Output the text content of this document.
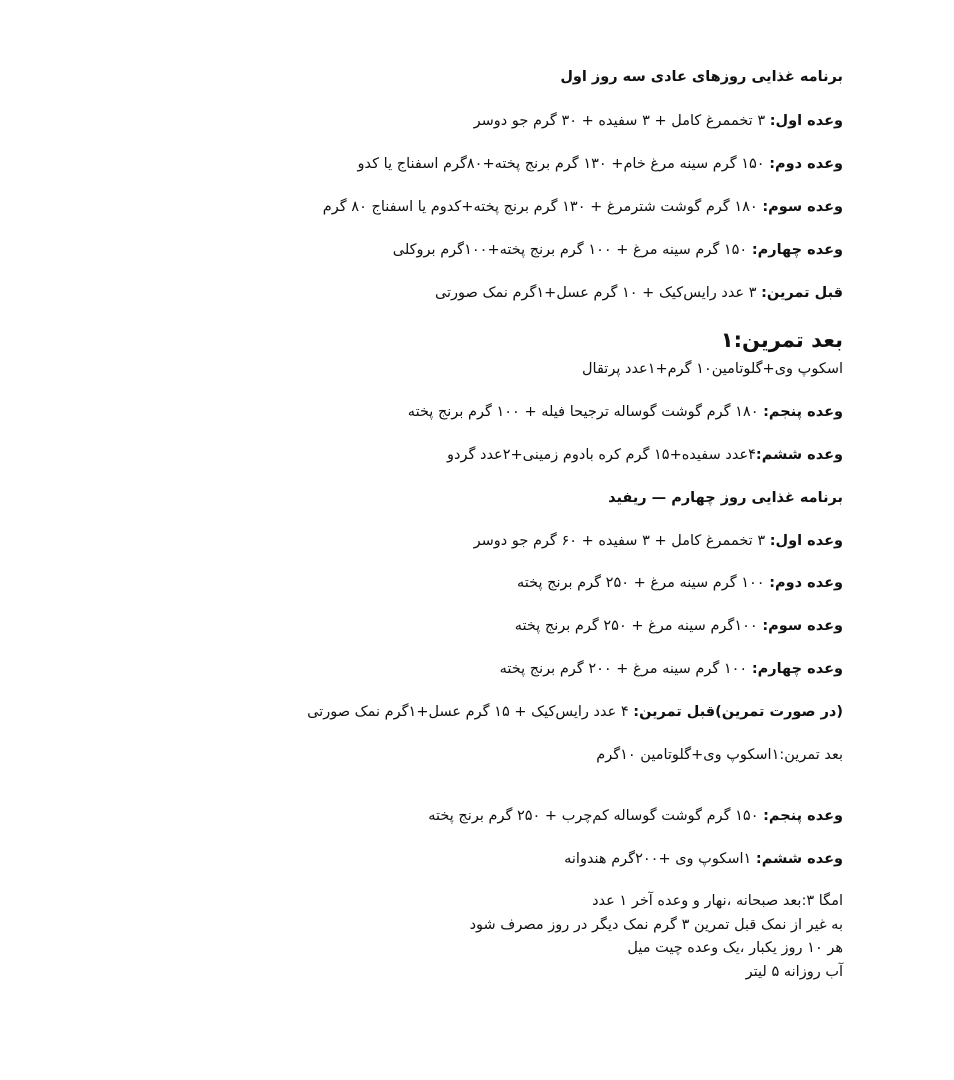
برنامه غذایی روزهای عادی سه روز اول
وعده اول: ۳ تخممرغ کامل + ۳ سفیده + ۳۰ گرم جو دوسر
وعده دوم: ۱۵۰ گرم سینه مرغ خام+ ۱۳۰ گرم برنج پخته+۸۰گرم اسفناج یا کدو
وعده سوم: ۱۸۰ گرم گوشت شترمرغ + ۱۳۰ گرم برنج پخته+کدوم یا اسفناج ۸۰ گرم
وعده چهارم: ۱۵۰ گرم سینه مرغ + ۱۰۰ گرم برنج پخته+۱۰۰گرم بروکلی
قبل تمرین: ۳ عدد رایس‌کیک + ۱۰ گرم عسل+۱گرم نمک صورتی
بعد تمرین:۱
اسکوپ وی+گلوتامین۱۰ گرم+۱عدد پرتقال
وعده پنجم: ۱۸۰ گرم گوشت گوساله ترجیحا فیله + ۱۰۰ گرم برنج پخته
وعده ششم:۴عدد سفیده+۱۵ گرم کره بادوم زمینی+۲عدد گردو
برنامه غذایی روز چهارم — ریفید
وعده اول: ۳ تخممرغ کامل + ۳ سفیده + ۶۰ گرم جو دوسر
وعده دوم: ۱۰۰ گرم سینه مرغ + ۲۵۰ گرم برنج پخته
وعده سوم: ۱۰۰گرم سینه مرغ + ۲۵۰ گرم برنج پخته
وعده چهارم: ۱۰۰ گرم سینه مرغ + ۲۰۰ گرم برنج پخته
(در صورت تمرین)قبل تمرین: ۴ عدد رایس‌کیک + ۱۵ گرم عسل+۱گرم نمک صورتی
بعد تمرین:۱اسکوپ وی+گلوتامین ۱۰گرم
وعده پنجم: ۱۵۰ گرم گوشت گوساله کم‌چرب + ۲۵۰ گرم برنج پخته
وعده ششم: ۱اسکوپ وی +۲۰۰گرم هندوانه
امگا ۳:بعد صبحانه ،نهار و وعده آخر ۱ عدد
به غیر از نمک قبل تمرین ۳ گرم نمک دیگر در روز مصرف شود
هر ۱۰ روز یکبار ،یک وعده چیت میل
آب روزانه ۵ لیتر
